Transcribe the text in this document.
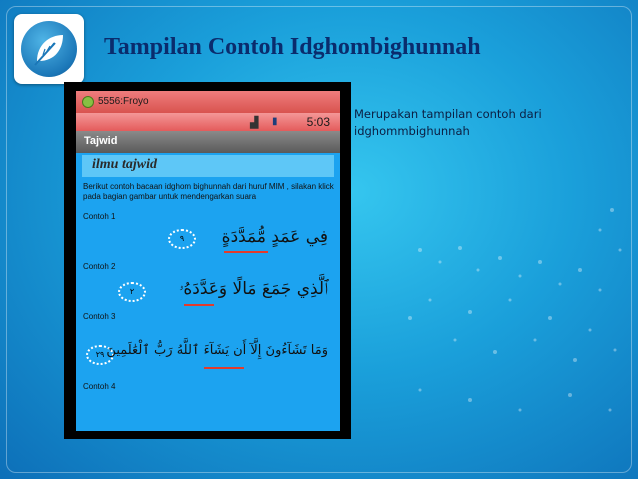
Tampilan Contoh Idghombighunnah
5556:Froyo
▟ ▮ 5:03
Tajwid
ilmu tajwid

Berikut contoh bacaan idghom bighunnah dari huruf MIM , silakan klick pada bagian gambar untuk mendengarkan suara

Contoh 1
٩	فِي عَمَدٍ مُّمَدَّدَةٍ
Contoh 2
٢	ٱلَّذِي جَمَعَ مَالًا وَعَدَّدَهُۥ
Contoh 3
٢٩ وَمَا تَشَآءُونَ إِلَّآ أَن يَشَآءَ ٱللَّهُ رَبُّ ٱلْعَٰلَمِينَ
Contoh 4

Merupakan tampilan contoh dari idghommbighunnah
